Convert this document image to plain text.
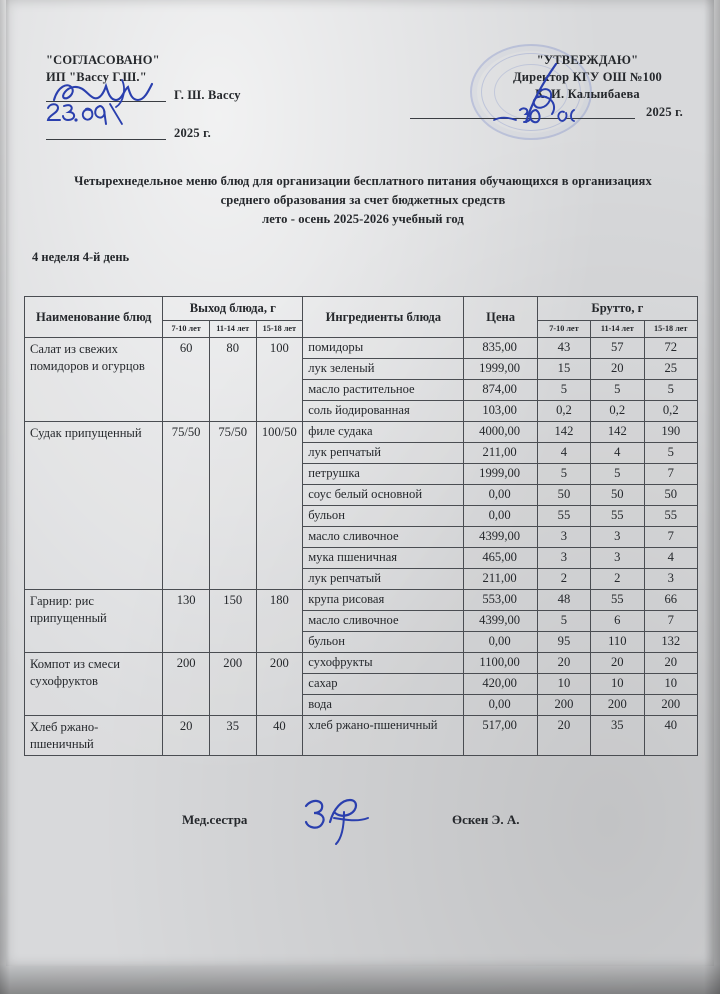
"СОГЛАСОВАНО"
ИП "Вассу Г.Ш."
Г. Ш. Вассу
2025 г.
"УТВЕРЖДАЮ"
Директор КГУ ОШ №100
К. И. Калыибаева
2025 г.
Четырехнедельное меню блюд для организации бесплатного питания обучающихся в организациях
среднего образования за счет бюджетных средств
лето - осень 2025-2026 учебный год
4 неделя 4-й день
Наименование блюд	Выход блюда, г			Ингредиенты блюда	Цена	Брутто, г		
	7-10 лет	11-14 лет	15-18 лет			7-10 лет	11-14 лет	15-18 лет
Салат из свежих помидоров и огурцов	60	80	100	помидоры	835,00	43	57	72
				лук зеленый	1999,00	15	20	25
				масло растительное	874,00	5	5	5
				соль йодированная	103,00	0,2	0,2	0,2
Судак припущенный	75/50	75/50	100/50	филе судака	4000,00	142	142	190
				лук репчатый	211,00	4	4	5
				петрушка	1999,00	5	5	7
				соус белый основной	0,00	50	50	50
				бульон	0,00	55	55	55
				масло сливочное	4399,00	3	3	7
				мука пшеничная	465,00	3	3	4
				лук репчатый	211,00	2	2	3
Гарнир: рис припущенный	130	150	180	крупа рисовая	553,00	48	55	66
				масло сливочное	4399,00	5	6	7
				бульон	0,00	95	110	132
Компот из смеси сухофруктов	200	200	200	сухофрукты	1100,00	20	20	20
				сахар	420,00	10	10	10
				вода	0,00	200	200	200
Хлеб ржано-пшеничный	20	35	40	хлеб ржано-пшеничный	517,00	20	35	40
Мед.сестра	Өскен Э. А.
